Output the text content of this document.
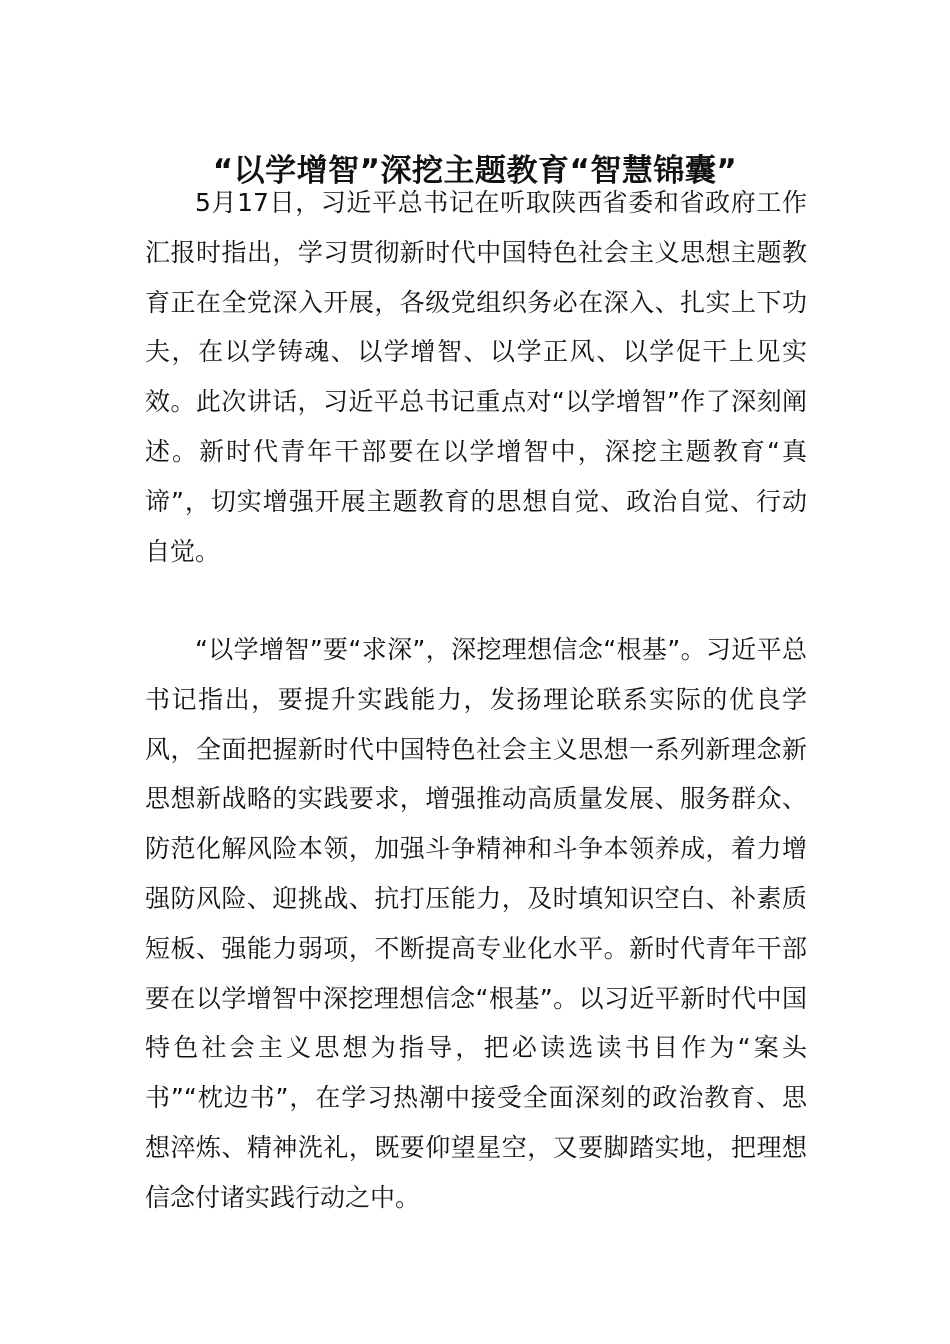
“以学增智”深挖主题教育“智慧锦囊”

5月17日，习近平总书记在听取陕西省委和省政府工作汇报时指出，学习贯彻新时代中国特色社会主义思想主题教育正在全党深入开展，各级党组织务必在深入、扎实上下功夫，在以学铸魂、以学增智、以学正风、以学促干上见实效。此次讲话，习近平总书记重点对“以学增智”作了深刻阐述。新时代青年干部要在以学增智中，深挖主题教育“真谛”，切实增强开展主题教育的思想自觉、政治自觉、行动自觉。

“以学增智”要“求深”，深挖理想信念“根基”。习近平总书记指出，要提升实践能力，发扬理论联系实际的优良学风，全面把握新时代中国特色社会主义思想一系列新理念新思想新战略的实践要求，增强推动高质量发展、服务群众、防范化解风险本领，加强斗争精神和斗争本领养成，着力增强防风险、迎挑战、抗打压能力，及时填知识空白、补素质短板、强能力弱项，不断提高专业化水平。新时代青年干部要在以学增智中深挖理想信念“根基”。以习近平新时代中国特色社会主义思想为指导，把必读选读书目作为“案头书”“枕边书”，在学习热潮中接受全面深刻的政治教育、思想淬炼、精神洗礼，既要仰望星空，又要脚踏实地，把理想信念付诸实践行动之中。
